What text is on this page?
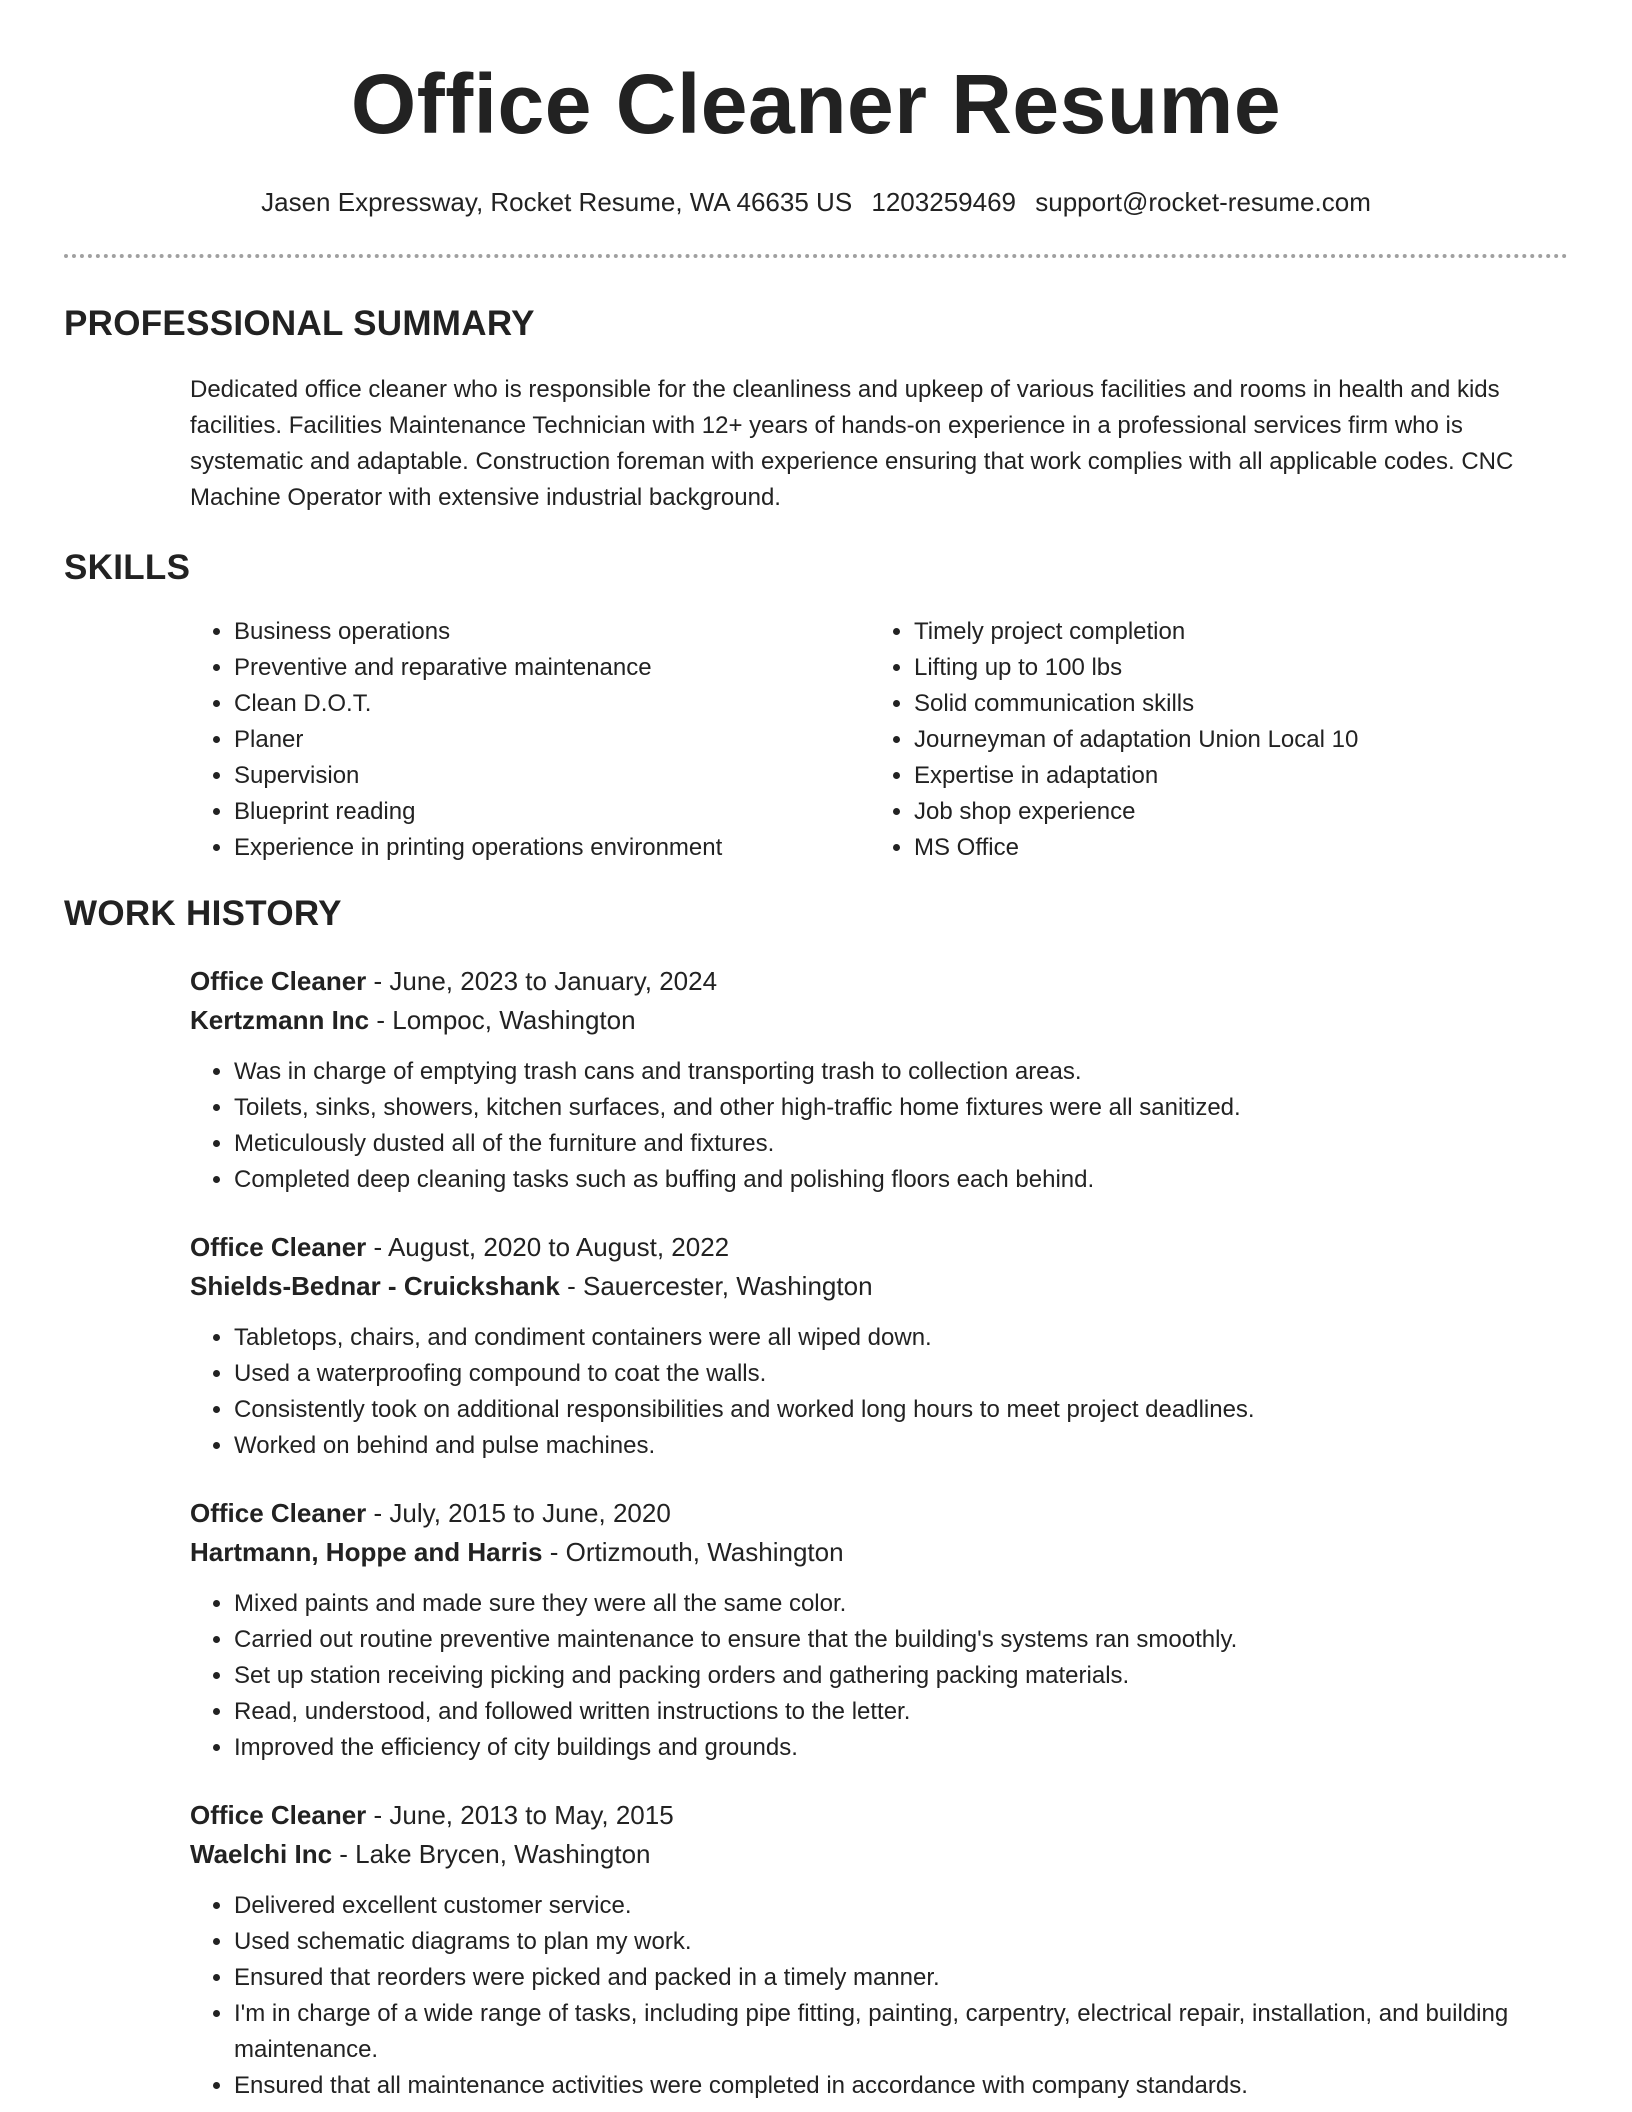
Office Cleaner Resume
Jasen Expressway, Rocket Resume, WA 46635 US 1203259469 support@rocket-resume.com
PROFESSIONAL SUMMARY

Dedicated office cleaner who is responsible for the cleanliness and upkeep of various facilities and rooms in health and kids facilities. Facilities Maintenance Technician with 12+ years of hands-on experience in a professional services firm who is systematic and adaptable. Construction foreman with experience ensuring that work complies with all applicable codes. CNC Machine Operator with extensive industrial background.

SKILLS
• Business operations
• Preventive and reparative maintenance
• Clean D.O.T.
• Planer
• Supervision
• Blueprint reading
• Experience in printing operations environment
• Timely project completion
• Lifting up to 100 lbs
• Solid communication skills
• Journeyman of adaptation Union Local 10
• Expertise in adaptation
• Job shop experience
• MS Office
WORK HISTORY
Office Cleaner - June, 2023 to January, 2024
Kertzmann Inc - Lompoc, Washington
• Was in charge of emptying trash cans and transporting trash to collection areas.
• Toilets, sinks, showers, kitchen surfaces, and other high-traffic home fixtures were all sanitized.
• Meticulously dusted all of the furniture and fixtures.
• Completed deep cleaning tasks such as buffing and polishing floors each behind.
Office Cleaner - August, 2020 to August, 2022
Shields-Bednar - Cruickshank - Sauercester, Washington
• Tabletops, chairs, and condiment containers were all wiped down.
• Used a waterproofing compound to coat the walls.
• Consistently took on additional responsibilities and worked long hours to meet project deadlines.
• Worked on behind and pulse machines.
Office Cleaner - July, 2015 to June, 2020
Hartmann, Hoppe and Harris - Ortizmouth, Washington
• Mixed paints and made sure they were all the same color.
• Carried out routine preventive maintenance to ensure that the building's systems ran smoothly.
• Set up station receiving picking and packing orders and gathering packing materials.
• Read, understood, and followed written instructions to the letter.
• Improved the efficiency of city buildings and grounds.
Office Cleaner - June, 2013 to May, 2015
Waelchi Inc - Lake Brycen, Washington
• Delivered excellent customer service.
• Used schematic diagrams to plan my work.
• Ensured that reorders were picked and packed in a timely manner.
• I'm in charge of a wide range of tasks, including pipe fitting, painting, carpentry, electrical repair, installation, and building maintenance.
• Ensured that all maintenance activities were completed in accordance with company standards.
